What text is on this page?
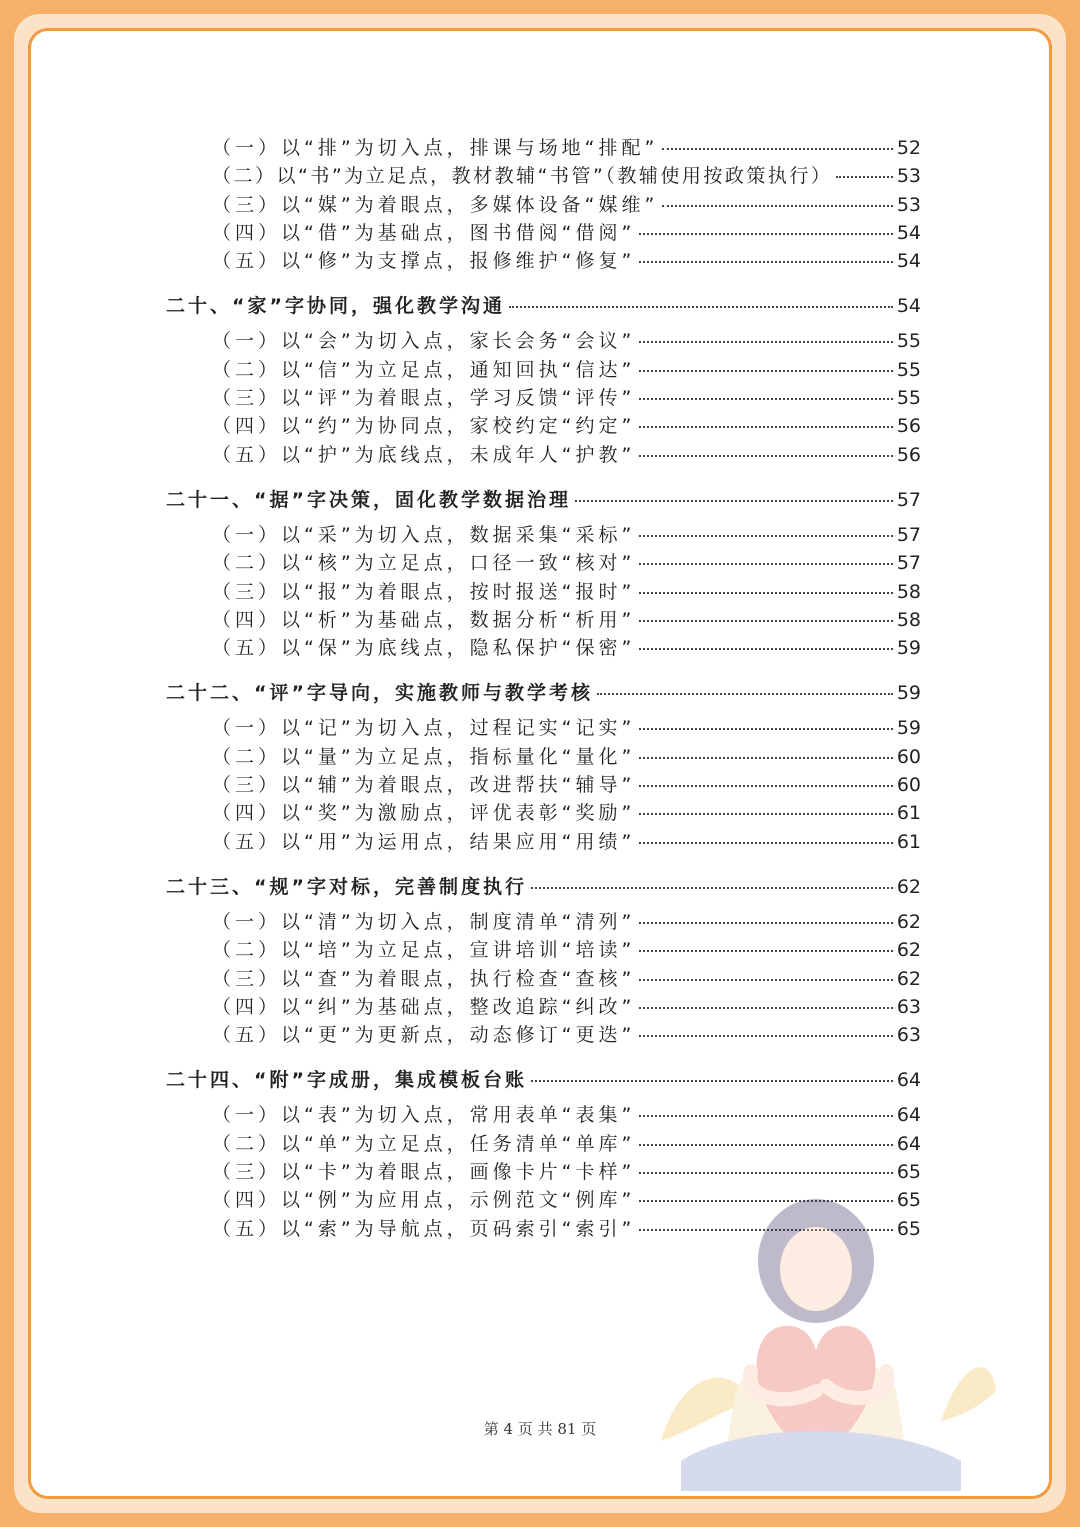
（一）以“排”为切入点，排课与场地“排配”	52
（二）以“书”为立足点，教材教辅“书管”（教辅使用按政策执行）	53
（三）以“媒”为着眼点，多媒体设备“媒维”	53
（四）以“借”为基础点，图书借阅“借阅”	54
（五）以“修”为支撑点，报修维护“修复”	54
二十、“家”字协同，强化教学沟通	54
（一）以“会”为切入点，家长会务“会议”	55
（二）以“信”为立足点，通知回执“信达”	55
（三）以“评”为着眼点，学习反馈“评传”	55
（四）以“约”为协同点，家校约定“约定”	56
（五）以“护”为底线点，未成年人“护教”	56
二十一、“据”字决策，固化教学数据治理	57
（一）以“采”为切入点，数据采集“采标”	57
（二）以“核”为立足点，口径一致“核对”	57
（三）以“报”为着眼点，按时报送“报时”	58
（四）以“析”为基础点，数据分析“析用”	58
（五）以“保”为底线点，隐私保护“保密”	59
二十二、“评”字导向，实施教师与教学考核	59
（一）以“记”为切入点，过程记实“记实”	59
（二）以“量”为立足点，指标量化“量化”	60
（三）以“辅”为着眼点，改进帮扶“辅导”	60
（四）以“奖”为激励点，评优表彰“奖励”	61
（五）以“用”为运用点，结果应用“用绩”	61
二十三、“规”字对标，完善制度执行	62
（一）以“清”为切入点，制度清单“清列”	62
（二）以“培”为立足点，宣讲培训“培读”	62
（三）以“查”为着眼点，执行检查“查核”	62
（四）以“纠”为基础点，整改追踪“纠改”	63
（五）以“更”为更新点，动态修订“更迭”	63
二十四、“附”字成册，集成模板台账	64
（一）以“表”为切入点，常用表单“表集”	64
（二）以“单”为立足点，任务清单“单库”	64
（三）以“卡”为着眼点，画像卡片“卡样”	65
（四）以“例”为应用点，示例范文“例库”	65
（五）以“索”为导航点，页码索引“索引”	65
第 4 页 共 81 页
